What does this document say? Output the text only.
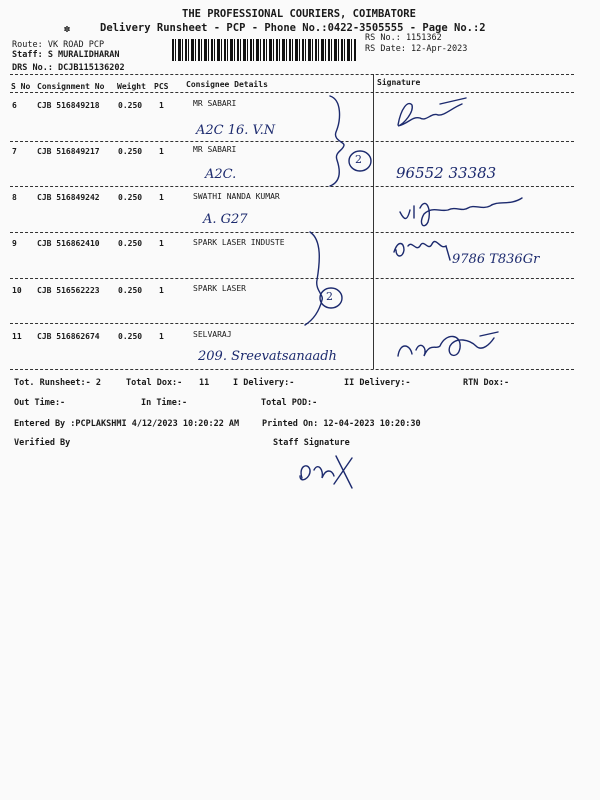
THE PROFESSIONAL COURIERS, COIMBATORE
Delivery Runsheet - PCP - Phone No.:0422-3505555 - Page No.:2
✽
Route: VK ROAD PCP
Staff: S MURALIDHARAN
DRS No.: DCJB115136202
RS No.: 1151362
RS Date: 12-Apr-2023
S No Consignment No Weight PCS Consignee Details	Signature
6	CJB 516849218 0.250 1	MR SABARI
A2C 16. V.N
7	CJB 516849217 0.250 1	MR SABARI
A2C.	96552 33383
8	CJB 516849242 0.250 1	SWATHI NANDA KUMAR
A. G27
9	CJB 516862410 0.250 1	SPARK LASER INDUSTE
9786 T836Gr
10 CJB 516562223 0.250 1	SPARK LASER
11 CJB 516862674 0.250 1	SELVARAJ
209. Sreevatsanaadh
2
2
Tot. Runsheet:- 2	Total Dox:- 11	I Delivery:-	II Delivery:-	RTN Dox:-
Out Time:-	In Time:-	Total POD:-
Entered By :PCPLAKSHMI 4/12/2023 10:20:22 AM	Printed On: 12-04-2023 10:20:30
Verified By	Staff Signature
